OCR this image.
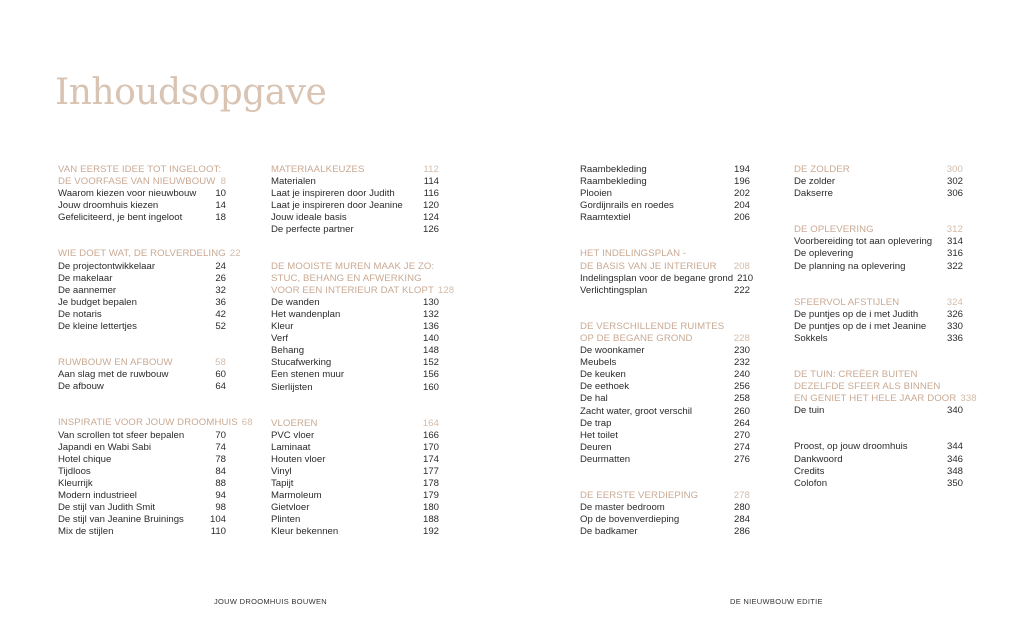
Inhoudsopgave
VAN EERSTE IDEE TOT INGELOOT:
DE VOORFASE VAN NIEUWBOUW 8
Waarom kiezen voor nieuwbouw	10
Jouw droomhuis kiezen	14
Gefeliciteerd, je bent ingeloot	18
WIE DOET WAT, DE ROLVERDELING 22
De projectontwikkelaar	24
De makelaar	26
De aannemer	32
Je budget bepalen	36
De notaris	42
De kleine lettertjes	52
RUWBOUW EN AFBOUW	58
Aan slag met de ruwbouw	60
De afbouw	64
INSPIRATIE VOOR JOUW DROOMHUIS 68
Van scrollen tot sfeer bepalen	70
Japandi en Wabi Sabi	74
Hotel chique	78
Tijdloos	84
Kleurrijk	88
Modern industrieel	94
De stijl van Judith Smit	98
De stijl van Jeanine Bruinings	104
Mix de stijlen	110
MATERIAALKEUZES	112
Materialen	114
Laat je inspireren door Judith	116
Laat je inspireren door Jeanine	120
Jouw ideale basis	124
De perfecte partner	126
DE MOOISTE MUREN MAAK JE ZO:
STUC, BEHANG EN AFWERKING
VOOR EEN INTERIEUR DAT KLOPT 128
De wanden	130
Het wandenplan	132
Kleur	136
Verf	140
Behang	148
Stucafwerking	152
Een stenen muur	156
Sierlijsten	160
VLOEREN	164
PVC vloer	166
Laminaat	170
Houten vloer	174
Vinyl	177
Tapijt	178
Marmoleum	179
Gietvloer	180
Plinten	188
Kleur bekennen	192
Raambekleding	194
Raambekleding	196
Plooien	202
Gordijnrails en roedes	204
Raamtextiel	206
HET INDELINGSPLAN -
DE BASIS VAN JE INTERIEUR	208
Indelingsplan voor de begane grond 210
Verlichtingsplan	222
DE VERSCHILLENDE RUIMTES
OP DE BEGANE GROND	228
De woonkamer	230
Meubels	232
De keuken	240
De eethoek	256
De hal	258
Zacht water, groot verschil	260
De trap	264
Het toilet	270
Deuren	274
Deurmatten	276
DE EERSTE VERDIEPING	278
De master bedroom	280
Op de bovenverdieping	284
De badkamer	286
DE ZOLDER	300
De zolder	302
Dakserre	306
DE OPLEVERING	312
Voorbereiding tot aan oplevering	314
De oplevering	316
De planning na oplevering	322
SFEERVOL AFSTIJLEN	324
De puntjes op de i met Judith	326
De puntjes op de i met Jeanine	330
Sokkels	336
DE TUIN: CREËER BUITEN
DEZELFDE SFEER ALS BINNEN
EN GENIET HET HELE JAAR DOOR 338
De tuin	340
Proost, op jouw droomhuis	344
Dankwoord	346
Credits	348
Colofon	350
JOUW DROOMHUIS BOUWEN	DE NIEUWBOUW EDITIE
